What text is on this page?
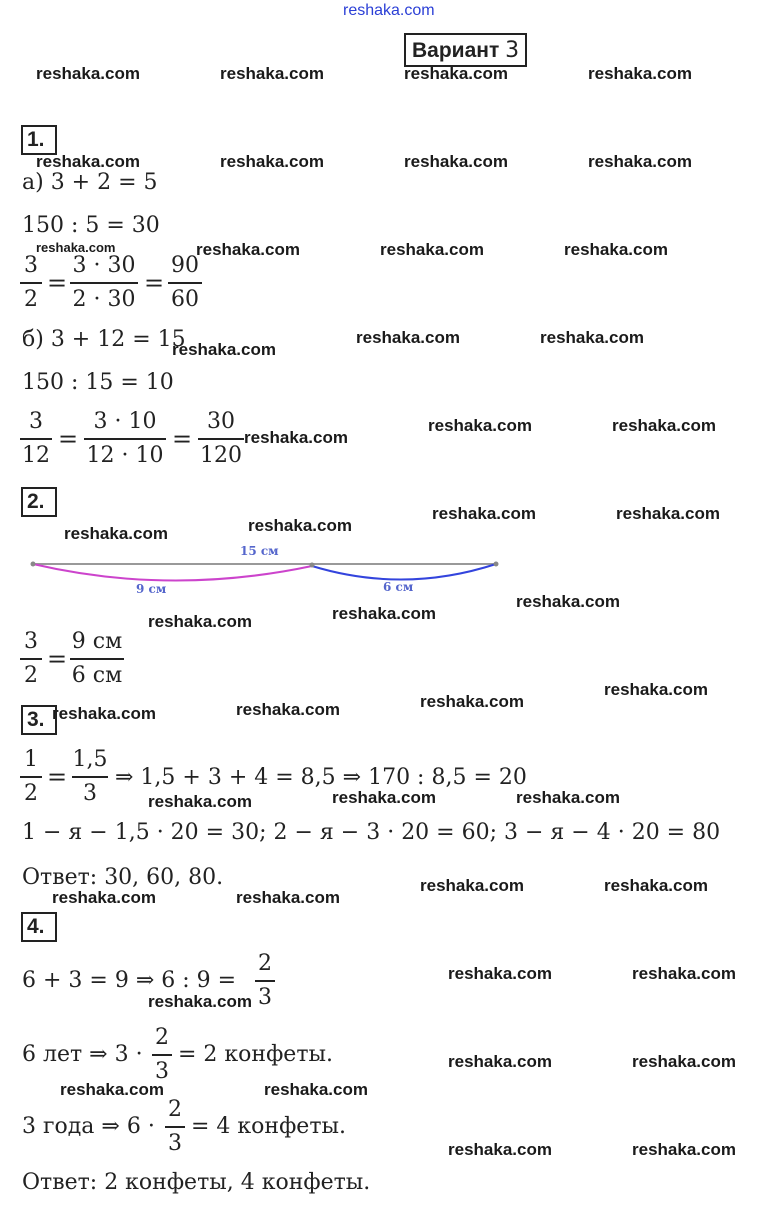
reshaka.com
Вариант 3
reshaka.com	reshaka.com	reshaka.com	reshaka.com
reshaka.com	reshaka.com	reshaka.com	reshaka.com
reshaka.com	reshaka.com	reshaka.com	reshaka.com
reshaka.com
reshaka.com	reshaka.com
reshaka.com
reshaka.com	reshaka.com
reshaka.com	reshaka.com
reshaka.com	reshaka.com
reshaka.com	reshaka.com
reshaka.com
reshaka.com	reshaka.com	reshaka.com
reshaka.com
reshaka.com	reshaka.com	reshaka.com
reshaka.com	reshaka.com
reshaka.com	reshaka.com
reshaka.com
reshaka.com	reshaka.com
reshaka.com	reshaka.com
reshaka.com	reshaka.com
reshaka.com	reshaka.com
1.
а) 3 + 2 = 5
150 : 5 = 30
3
2
=
3 · 30
2 · 30
=
90
60
б) 3 + 12 = 15
150 : 15 = 10
3
12
=
3 · 10
12 · 10
=
30
120
2.
15 см
9 см	6 см
3
2
=
9 см
6 см
3.
1
2
=
1,5
3
⇒ 1,5 + 3 + 4 = 8,5 ⇒ 170 : 8,5 = 20
1 − я − 1,5 · 20 = 30; 2 − я − 3 · 20 = 60; 3 − я − 4 · 20 = 80
Ответ: 30, 60, 80.
4.
6 + 3 = 9 ⇒ 6 : 9 =
2
3
6 лет ⇒ 3 ·
2
3
= 2 конфеты.
3 года ⇒ 6 ·
2
3
= 4 конфеты.
Ответ: 2 конфеты, 4 конфеты.
